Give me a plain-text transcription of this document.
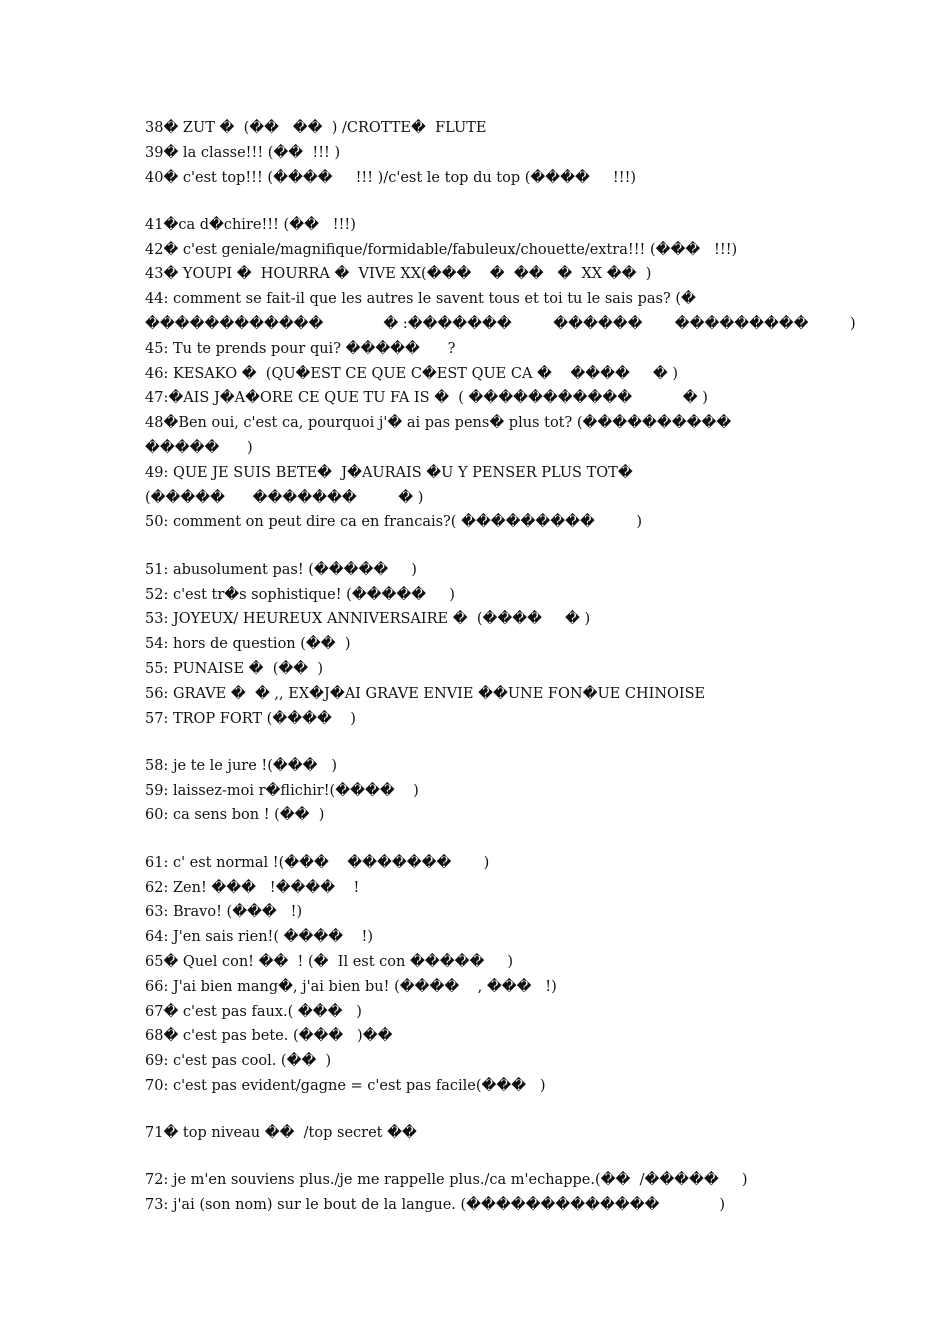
38� ZUT �  (��   ��  ) /CROTTE�  FLUTE
39� la classe!!! (��  !!! )
40� c'est top!!! (����     !!! )/c'est le top du top (����     !!!)
41�ca d�chire!!! (��   !!!)
42� c'est geniale/magnifique/formidable/fabuleux/chouette/extra!!! (���   !!!)
43� YOUPI �  HOURRA �  VIVE XX(���    �  ��   �  XX ��  )
44: comment se fait-il que les autres le savent tous et toi tu le sais pas? (�
������������             � :�������         ������       ���������         )
45: Tu te prends pour qui? �����      ?
46: KESAKO �  (QU�EST CE QUE C�EST QUE CA �    ����     � )
47:�AIS J�A�ORE CE QUE TU FA IS �  ( �����������           � )
48�Ben oui, c'est ca, pourquoi j'� ai pas pens� plus tot? (����������
�����      )
49: QUE JE SUIS BETE�  J�AURAIS �U Y PENSER PLUS TOT�
(�����      �������         � )
50: comment on peut dire ca en francais?( ���������         )
51: abusolument pas! (�����     )
52: c'est tr�s sophistique! (�����     )
53: JOYEUX/ HEUREUX ANNIVERSAIRE �  (����     � )
54: hors de question (��  )
55: PUNAISE �  (��  )
56: GRAVE �  � ,, EX�J�AI GRAVE ENVIE ��UNE FON�UE CHINOISE
57: TROP FORT (����    )
58: je te le jure !(���   )
59: laissez-moi r�flichir!(����    )
60: ca sens bon ! (��  )
61: c' est normal !(���    �������       )
62: Zen! ���   !����    !
63: Bravo! (���   !)
64: J'en sais rien!( ����    !)
65� Quel con! ��  ! (�  Il est con �����     )
66: J'ai bien mang�, j'ai bien bu! (����    , ���   !)
67� c'est pas faux.( ���   )
68� c'est pas bete. (���   )��
69: c'est pas cool. (��  )
70: c'est pas evident/gagne = c'est pas facile(���   )
71� top niveau ��  /top secret ��
72: je m'en souviens plus./je me rappelle plus./ca m'echappe.(��  /�����     )
73: j'ai (son nom) sur le bout de la langue. (�������������             )
